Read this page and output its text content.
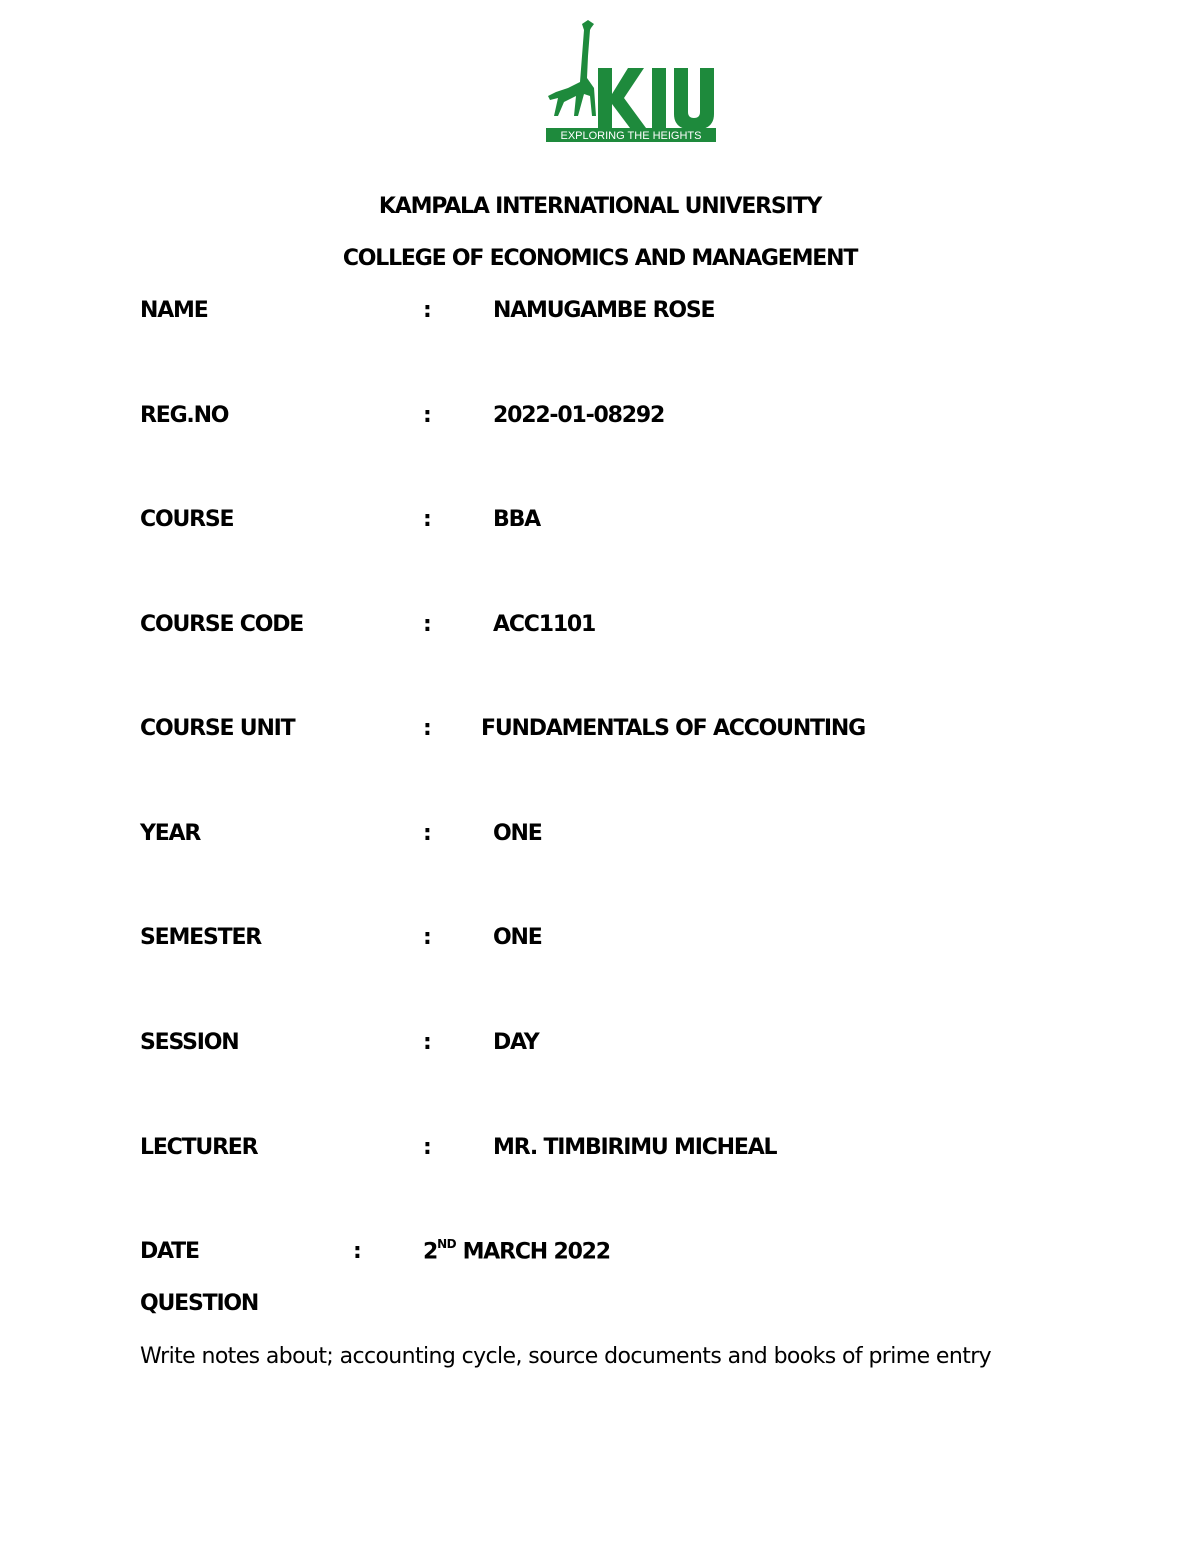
EXPLORING THE HEIGHTS
KAMPALA INTERNATIONAL UNIVERSITY
COLLEGE OF ECONOMICS AND MANAGEMENT
NAME	:	NAMUGAMBE ROSE
REG.NO	:	2022-01-08292
COURSE	:	BBA
COURSE CODE	:	ACC1101
COURSE UNIT	: FUNDAMENTALS OF ACCOUNTING
YEAR	:	ONE
SEMESTER	:	ONE
SESSION	:	DAY
LECTURER	:	MR. TIMBIRIMU MICHEAL
DATE	:	2ND MARCH 2022
QUESTION
Write notes about; accounting cycle, source documents and books of prime entry
